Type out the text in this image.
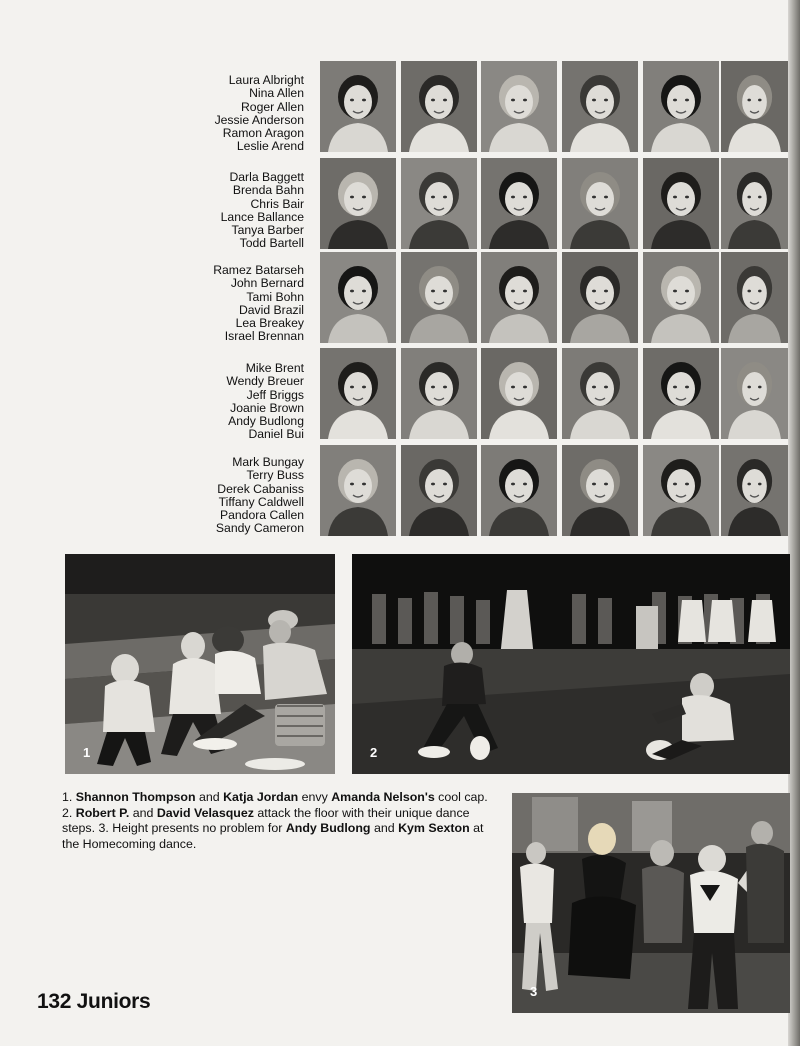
Laura Albright
Nina Allen
Roger Allen
Jessie Anderson
Ramon Aragon
Leslie Arend
Darla Baggett
Brenda Bahn
Chris Bair
Lance Ballance
Tanya Barber
Todd Bartell
Ramez Batarseh
John Bernard
Tami Bohn
David Brazil
Lea Breakey
Israel Brennan
Mike Brent
Wendy Breuer
Jeff Briggs
Joanie Brown
Andy Budlong
Daniel Bui
Mark Bungay
Terry Buss
Derek Cabaniss
Tiffany Caldwell
Pandora Callen
Sandy Cameron
1	2
1. Shannon Thompson and Katja Jordan envy Amanda Nelson's cool cap. 2. Robert P. and David Velasquez attack the floor with their unique dance steps. 3. Height presents no problem for Andy Budlong and Kym Sexton at the Homecoming dance.
3
132 Juniors
